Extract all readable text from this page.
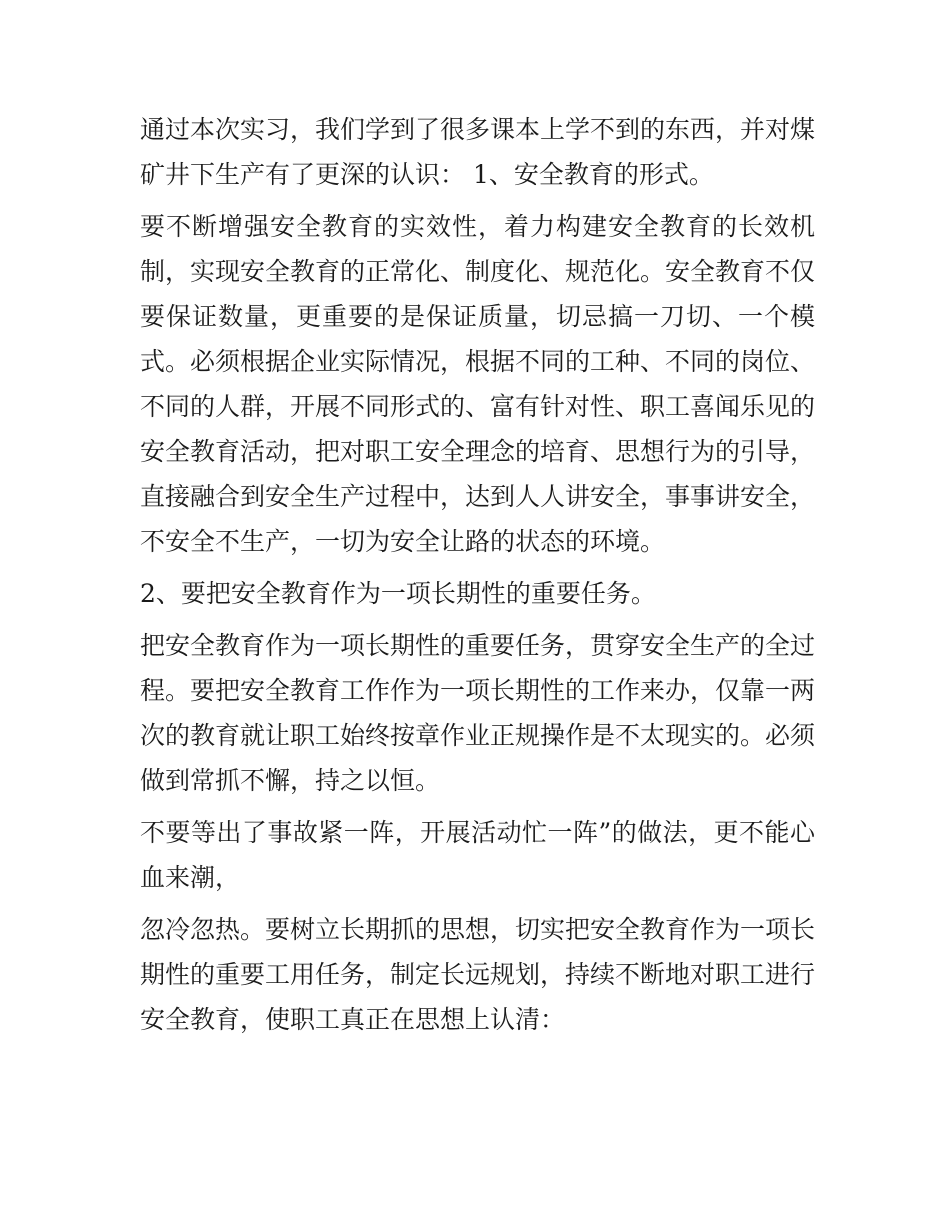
通过本次实习，我们学到了很多课本上学不到的东西，并对煤矿井下生产有了更深的认识： 1、安全教育的形式。

要不断增强安全教育的实效性，着力构建安全教育的长效机制，实现安全教育的正常化、制度化、规范化。安全教育不仅要保证数量，更重要的是保证质量，切忌搞一刀切、一个模式。必须根据企业实际情况，根据不同的工种、不同的岗位、不同的人群，开展不同形式的、富有针对性、职工喜闻乐见的安全教育活动，把对职工安全理念的培育、思想行为的引导，直接融合到安全生产过程中，达到人人讲安全，事事讲安全，不安全不生产，一切为安全让路的状态的环境。

2、要把安全教育作为一项长期性的重要任务。

把安全教育作为一项长期性的重要任务，贯穿安全生产的全过程。要把安全教育工作作为一项长期性的工作来办，仅靠一两次的教育就让职工始终按章作业正规操作是不太现实的。必须做到常抓不懈，持之以恒。

不要等出了事故紧一阵，开展活动忙一阵”的做法，更不能心血来潮，

忽冷忽热。要树立长期抓的思想，切实把安全教育作为一项长期性的重要工用任务，制定长远规划，持续不断地对职工进行安全教育，使职工真正在思想上认清：
